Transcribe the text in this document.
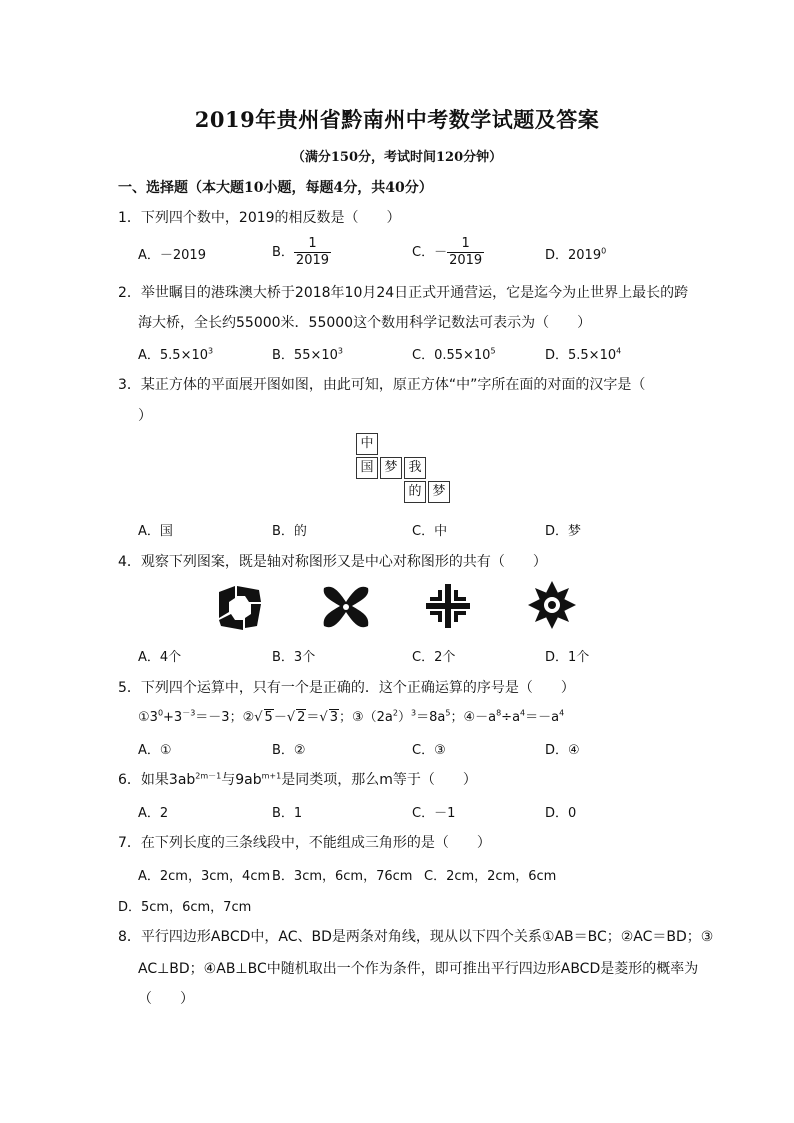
2019年贵州省黔南州中考数学试题及答案
（满分150分，考试时间120分钟）
一、选择题（本大题10小题，每题4分，共40分）
1．下列四个数中，2019的相反数是（　　）
A．－2019	B． $\frac{1}{2019}$	C．－ $\frac{1}{2019}$	D．2019$^0$
2．举世瞩目的港珠澳大桥于2018年10月24日正式开通营运，它是迄今为止世界上最长的跨
海大桥，全长约55000米．55000这个数用科学记数法可表示为（　　）
A．$5.5\times 10^3$	B．$55\times 10^3$	C．$0.55\times 10^5$	D．$5.5\times 10^4$
3．某正方体的平面展开图如图，由此可知，原正方体“中”字所在面的对面的汉字是（
）
中
国 梦 我
的 梦
A．国	B．的	C．中	D．梦
4．观察下列图案，既是轴对称图形又是中心对称图形的共有（　　）
A．4个	B．3个	C．2个	D．1个
5．下列四个运算中，只有一个是正确的．这个正确运算的序号是（　　）
$①3^0+3^{-3}=-3$；②√ 5－√ 2＝√ 3；$③(2a^2)^3=8a^5$；$④-a^8\div a^4=-a^4$
A．①	B．②	C．③	D．④
6．如果$3ab^{2m-1}$与$9ab^{m+1}$是同类项，那么m等于（　　）
A．2	B．1	C．－1	D．0
7．在下列长度的三条线段中，不能组成三角形的是（　　）
A．2cm，3cm，4cm B．3cm，6cm，76cm C．2cm，2cm，6cm
D．5cm，6cm，7cm
8．平行四边形ABCD中，AC、BD是两条对角线，现从以下四个关系①AB＝BC；②AC＝BD；③
AC⊥BD；④AB⊥BC中随机取出一个作为条件，即可推出平行四边形ABCD是菱形的概率为
（　　）
